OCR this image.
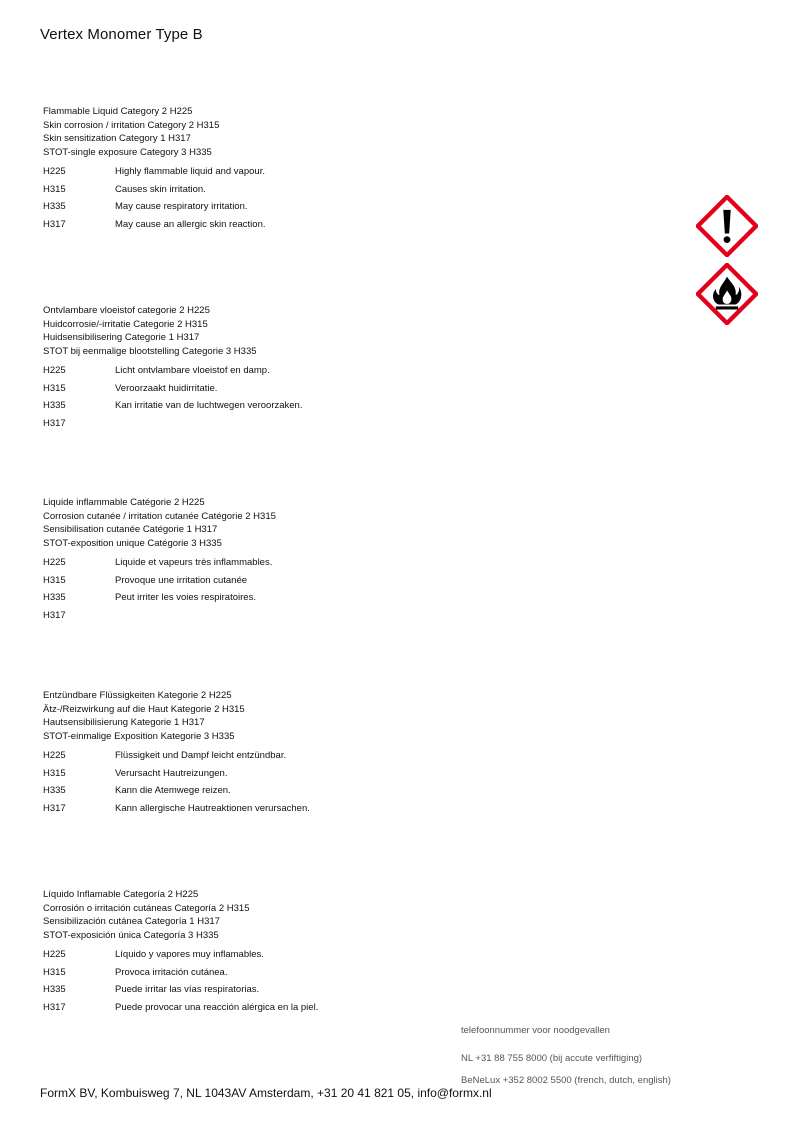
Vertex Monomer Type B
Flammable Liquid Category 2 H225
Skin corrosion / irritation Category 2 H315
Skin sensitization Category 1 H317
STOT-single exposure Category 3 H335
H225	Highly flammable liquid and vapour.
H315	Causes skin irritation.
H335	May cause respiratory irritation.
H317	May cause an allergic skin reaction.
Ontvlambare vloeistof categorie 2 H225
Huidcorrosie/-irritatie Categorie 2 H315
Huidsensibilisering Categorie 1 H317
STOT bij eenmalige blootstelling Categorie 3 H335
H225	Licht ontvlambare vloeistof en damp.
H315	Veroorzaakt huidirritatie.
H335	Kan irritatie van de luchtwegen veroorzaken.
H317
Liquide inflammable Catégorie 2 H225
Corrosion cutanée / irritation cutanée Catégorie 2 H315
Sensibilisation cutanée Catégorie 1 H317
STOT-exposition unique Catégorie 3 H335
H225	Liquide et vapeurs très inflammables.
H315	Provoque une irritation cutanée
H335	Peut irriter les voies respiratoires.
H317
Entzündbare Flüssigkeiten Kategorie 2 H225
Ätz-/Reizwirkung auf die Haut Kategorie 2 H315
Hautsensibilisierung Kategorie 1 H317
STOT-einmalige Exposition Kategorie 3 H335
H225	Flüssigkeit und Dampf leicht entzündbar.
H315	Verursacht Hautreizungen.
H335	Kann die Atemwege reizen.
H317	Kann allergische Hautreaktionen verursachen.
Líquido Inflamable Categoría 2 H225
Corrosión o irritación cutáneas Categoría 2 H315
Sensibilización cutánea Categoría 1 H317
STOT-exposición única Categoría 3 H335
H225	Líquido y vapores muy inflamables.
H315	Provoca irritación cutánea.
H335	Puede irritar las vías respiratorias.
H317	Puede provocar una reacción alérgica en la piel.
telefoonnummer voor noodgevallen
NL +31 88 755 8000 (bij accute verfiftiging)
BeNeLux +352 8002 5500 (french, dutch, english)
FormX BV, Kombuisweg 7, NL 1043AV Amsterdam, +31 20 41 821 05, info@formx.nl
